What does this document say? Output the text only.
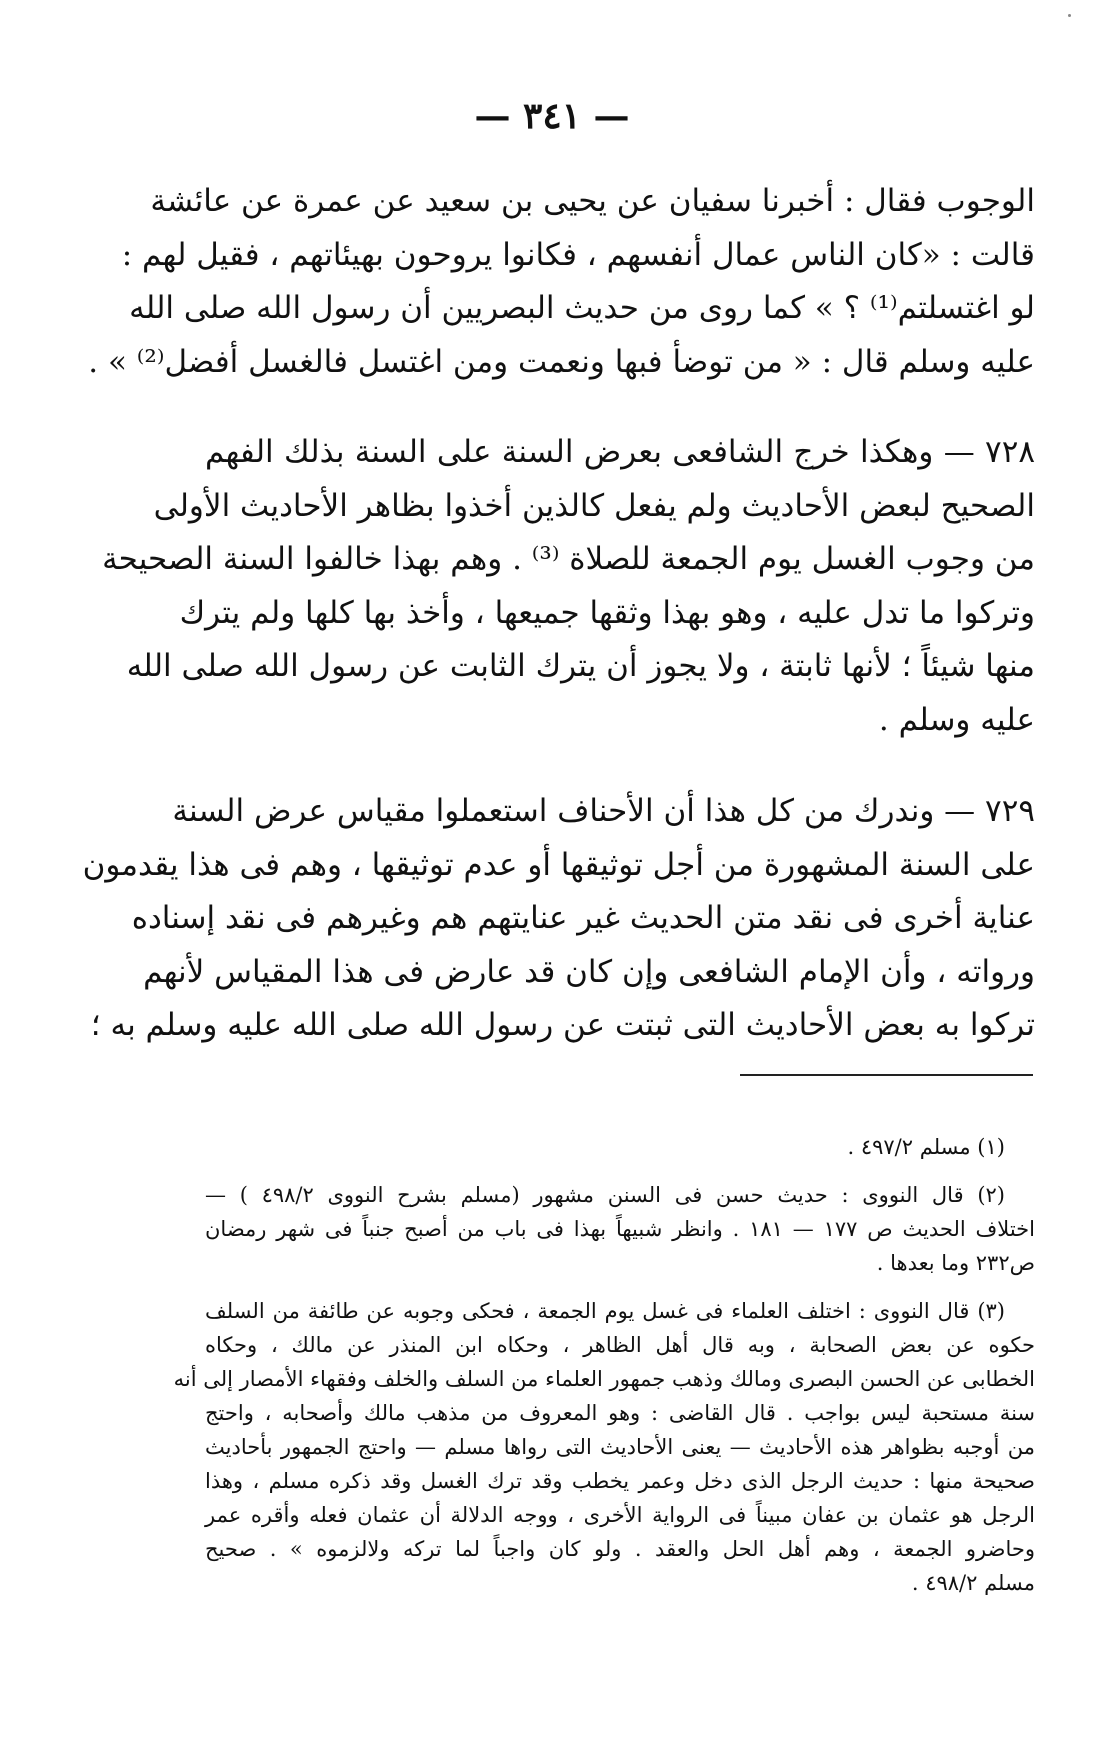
— ٣٤١ —
الوجوب فقال : أخبرنا سفيان عن يحيى بن سعيد عن عمرة عن عائشة
قالت : «كان الناس عمال أنفسهم ، فكانوا يروحون بهيئاتهم ، فقيل لهم :
لو اغتسلتم⁽¹⁾ ؟ » كما روى من حديث البصريين أن رسول الله صلى الله
عليه وسلم قال : « من توضأ فبها ونعمت ومن اغتسل فالغسل أفضل⁽²⁾ » .
٧٢٨ — وهكذا خرج الشافعى بعرض السنة على السنة بذلك الفهم
الصحيح لبعض الأحاديث ولم يفعل كالذين أخذوا بظاهر الأحاديث الأولى
من وجوب الغسل يوم الجمعة للصلاة ⁽³⁾ . وهم بهذا خالفوا السنة الصحيحة
وتركوا ما تدل عليه ، وهو بهذا وثقها جميعها ، وأخذ بها كلها ولم يترك
منها شيئاً ؛ لأنها ثابتة ، ولا يجوز أن يترك الثابت عن رسول الله صلى الله
عليه وسلم .
٧٢٩ — وندرك من كل هذا أن الأحناف استعملوا مقياس عرض السنة
على السنة المشهورة من أجل توثيقها أو عدم توثيقها ، وهم فى هذا يقدمون
عناية أخرى فى نقد متن الحديث غير عنايتهم هم وغيرهم فى نقد إسناده
ورواته ، وأن الإمام الشافعى وإن كان قد عارض فى هذا المقياس لأنهم
تركوا به بعض الأحاديث التى ثبتت عن رسول الله صلى الله عليه وسلم به ؛
(١) مسلم ٤٩٧/٢ .
(٢) قال النووى : حديث حسن فى السنن مشهور (مسلم بشرح النووى ٤٩٨/٢ ) —
اختلاف الحديث ص ١٧٧ — ١٨١ . وانظر شبيهاً بهذا فى باب من أصبح جنباً فى شهر رمضان
ص٢٣٢ وما بعدها .
(٣) قال النووى : اختلف العلماء فى غسل يوم الجمعة ، فحكى وجوبه عن طائفة من السلف
حكوه عن بعض الصحابة ، وبه قال أهل الظاهر ، وحكاه ابن المنذر عن مالك ، وحكاه
الخطابى عن الحسن البصرى ومالك وذهب جمهور العلماء من السلف والخلف وفقهاء الأمصار إلى أنه
سنة مستحبة ليس بواجب . قال القاضى : وهو المعروف من مذهب مالك وأصحابه ، واحتج
من أوجبه بظواهر هذه الأحاديث — يعنى الأحاديث التى رواها مسلم — واحتج الجمهور بأحاديث
صحيحة منها : حديث الرجل الذى دخل وعمر يخطب وقد ترك الغسل وقد ذكره مسلم ، وهذا
الرجل هو عثمان بن عفان مبيناً فى الرواية الأخرى ، ووجه الدلالة أن عثمان فعله وأقره عمر
وحاضرو الجمعة ، وهم أهل الحل والعقد . ولو كان واجباً لما تركه ولالزموه » . صحيح
مسلم ٤٩٨/٢ .
